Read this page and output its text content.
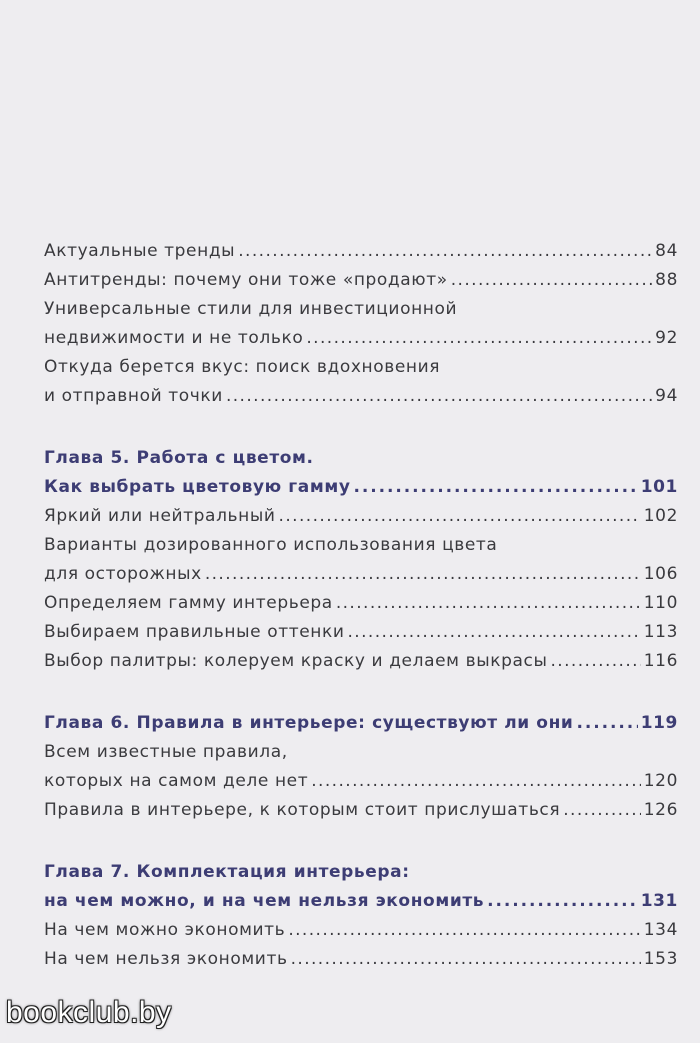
Актуальные тренды . . .	84
Антитренды: почему они тоже «продают» . . .	88
Универсальные стили для инвестиционной
недвижимости и не только . . .	92
Откуда берется вкус: поиск вдохновения
и отправной точки . . .	94
Глава 5. Работа с цветом.
Как выбрать цветовую гамму . . .	101
Яркий или нейтральный . . .	102
Варианты дозированного использования цвета
для осторожных . . .	106
Определяем гамму интерьера . . .	110
Выбираем правильные оттенки . . .	113
Выбор палитры: колеруем краску и делаем выкрасы . . .	116
Глава 6. Правила в интерьере: существуют ли они . . .	119
Всем известные правила,
которых на самом деле нет . . .	120
Правила в интерьере, к которым стоит прислушаться . . .	126
Глава 7. Комплектация интерьера:
на чем можно, и на чем нельзя экономить . . .	131
На чем можно экономить . . .	134
На чем нельзя экономить . . .	153
bookclub.by
